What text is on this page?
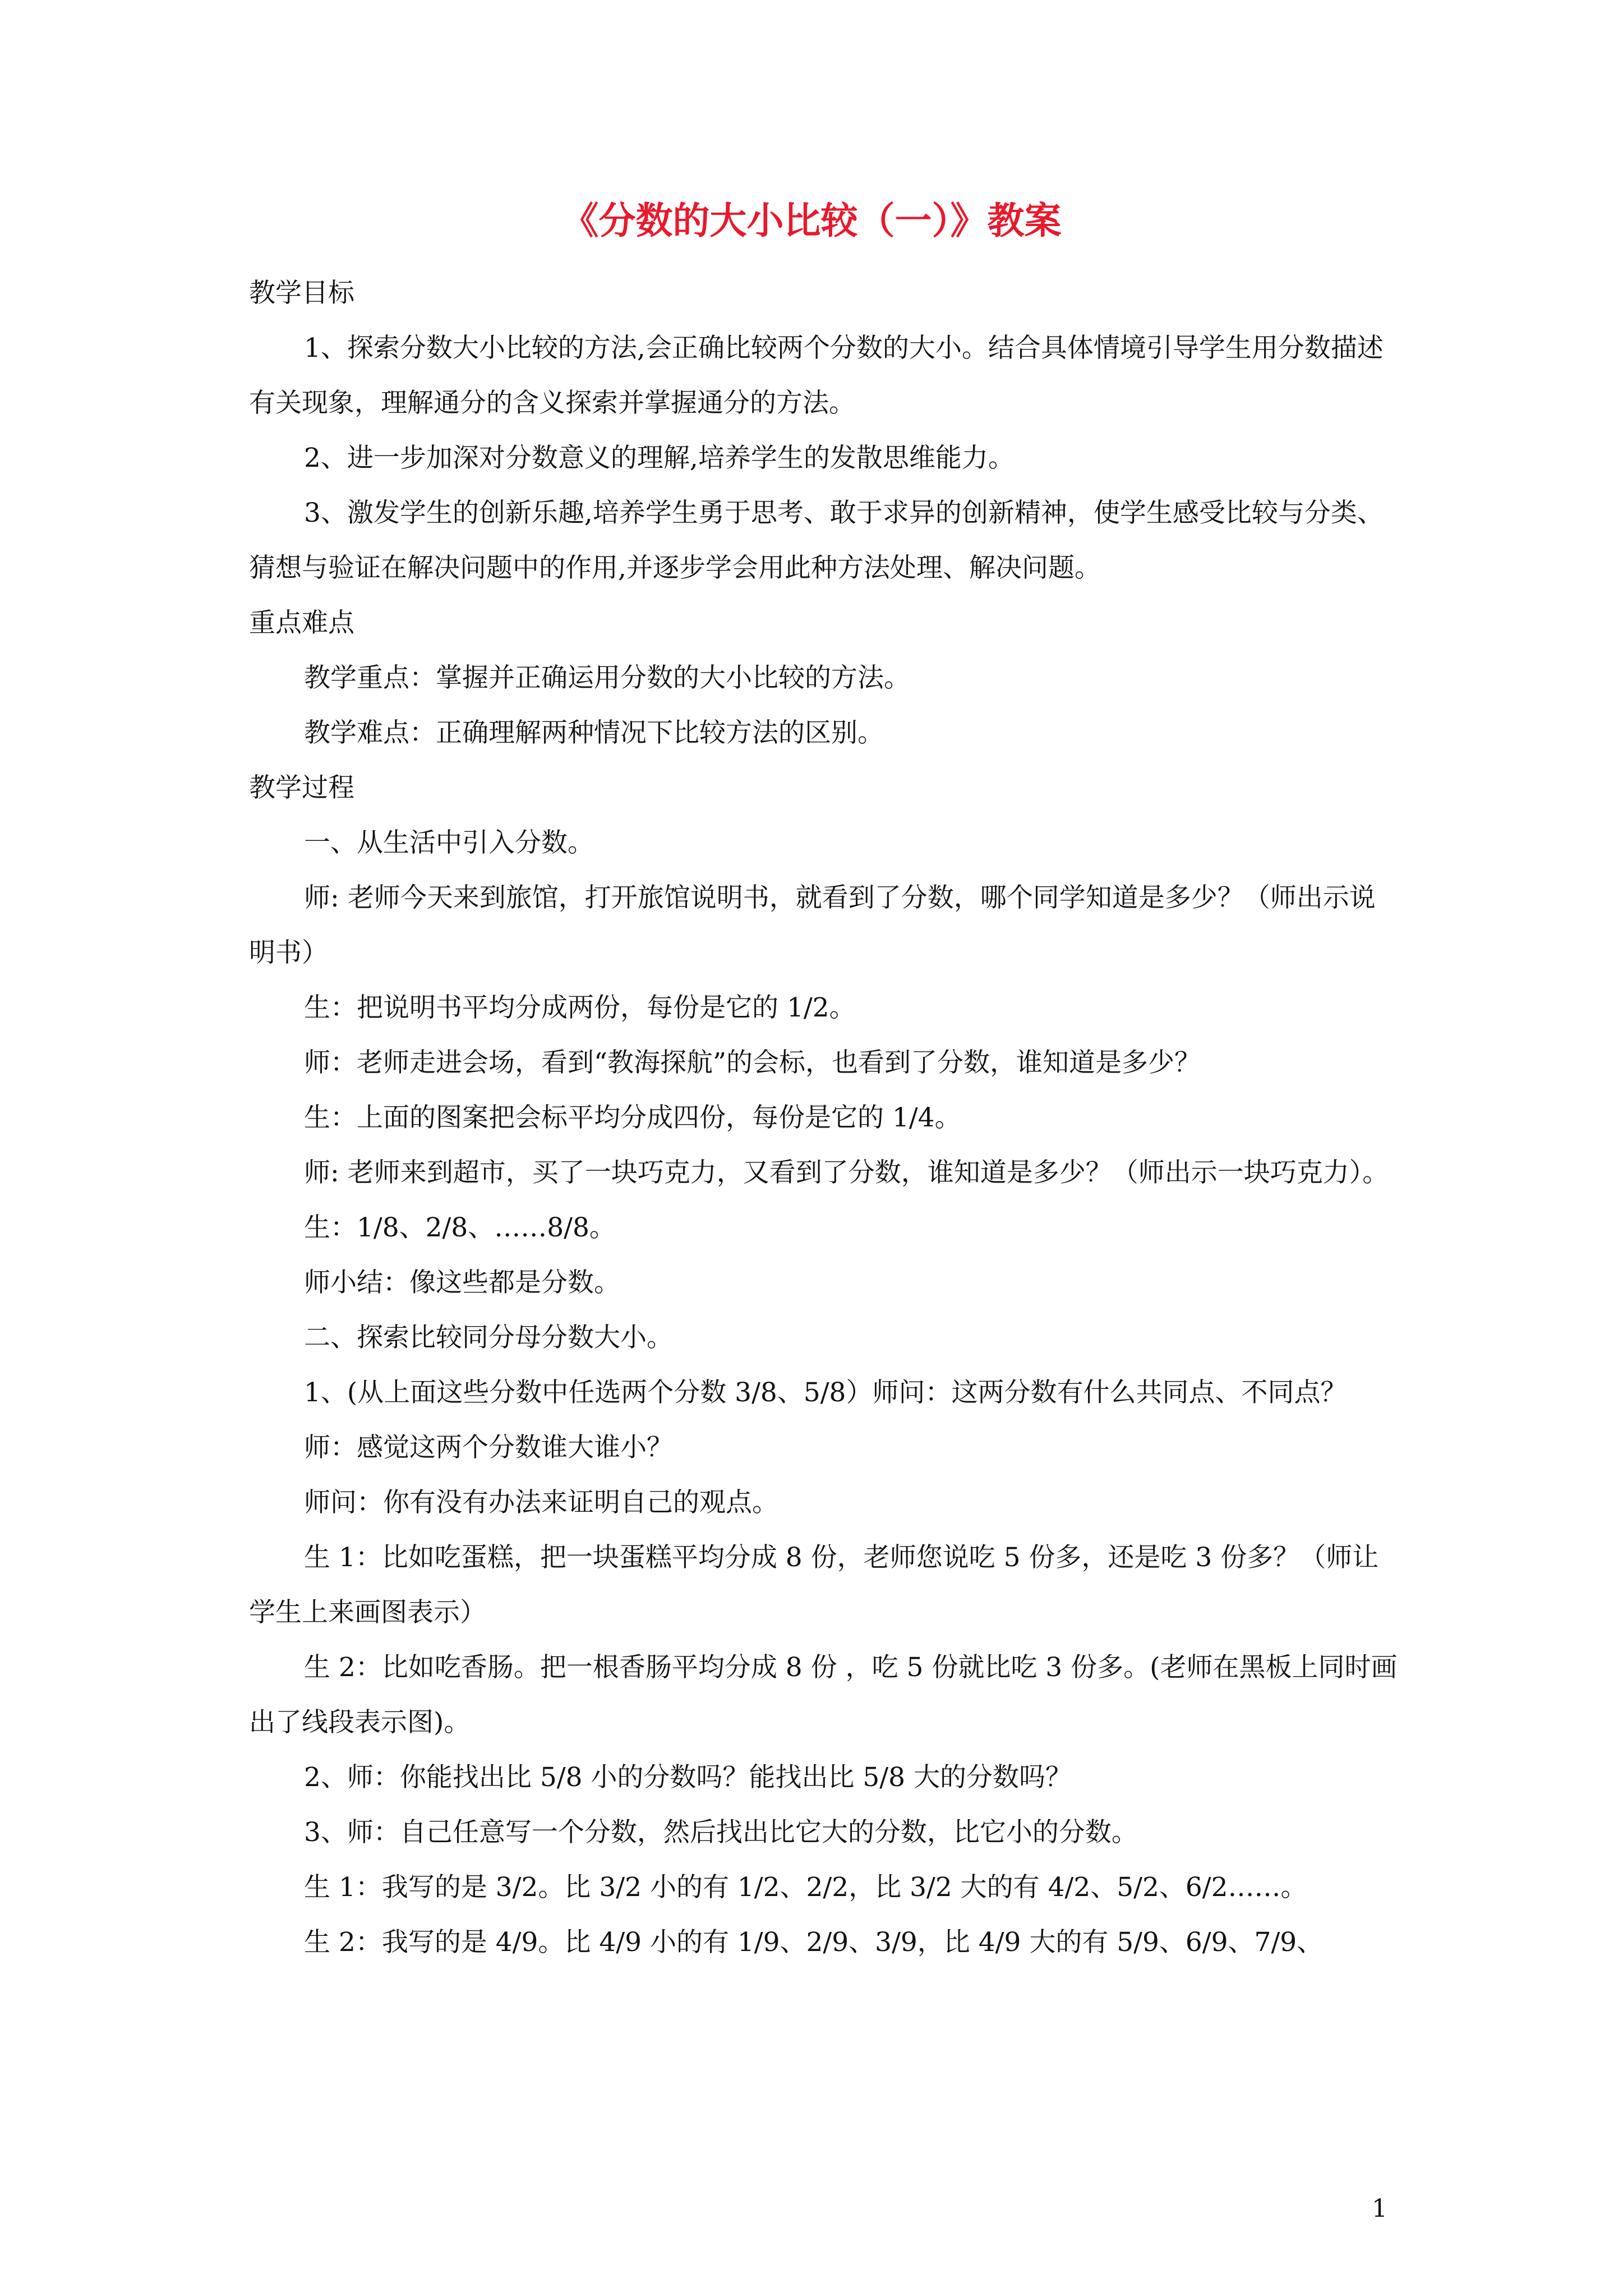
《分数的大小比较（一）》教案

教学目标

1、探索分数大小比较的方法,会正确比较两个分数的大小。结合具体情境引导学生用分数描述有关现象，理解通分的含义探索并掌握通分的方法。

2、进一步加深对分数意义的理解,培养学生的发散思维能力。

3、激发学生的创新乐趣,培养学生勇于思考、敢于求异的创新精神，使学生感受比较与分类、猜想与验证在解决问题中的作用,并逐步学会用此种方法处理、解决问题。

重点难点

教学重点：掌握并正确运用分数的大小比较的方法。

教学难点：正确理解两种情况下比较方法的区别。

教学过程

一、从生活中引入分数。

师: 老师今天来到旅馆，打开旅馆说明书，就看到了分数，哪个同学知道是多少？（师出示说明书）

生：把说明书平均分成两份，每份是它的 1/2。

师：老师走进会场，看到“教海探航”的会标，也看到了分数，谁知道是多少？

生：上面的图案把会标平均分成四份，每份是它的 1/4。

师: 老师来到超市，买了一块巧克力，又看到了分数，谁知道是多少？（师出示一块巧克力）。

生：1/8、2/8、……8/8。

师小结：像这些都是分数。

二、探索比较同分母分数大小。

1、(从上面这些分数中任选两个分数 3/8、5/8）师问：这两分数有什么共同点、不同点？

师：感觉这两个分数谁大谁小？

师问：你有没有办法来证明自己的观点。

生 1：比如吃蛋糕，把一块蛋糕平均分成 8 份，老师您说吃 5 份多，还是吃 3 份多？（师让学生上来画图表示）

生 2：比如吃香肠。把一根香肠平均分成 8 份 ，吃 5 份就比吃 3 份多。(老师在黑板上同时画出了线段表示图)。

2、师：你能找出比 5/8 小的分数吗？能找出比 5/8 大的分数吗？

3、师：自己任意写一个分数，然后找出比它大的分数，比它小的分数。

生 1：我写的是 3/2。比 3/2 小的有 1/2、2/2，比 3/2 大的有 4/2、5/2、6/2……。

生 2：我写的是 4/9。比 4/9 小的有 1/9、2/9、3/9，比 4/9 大的有 5/9、6/9、7/9、

1
